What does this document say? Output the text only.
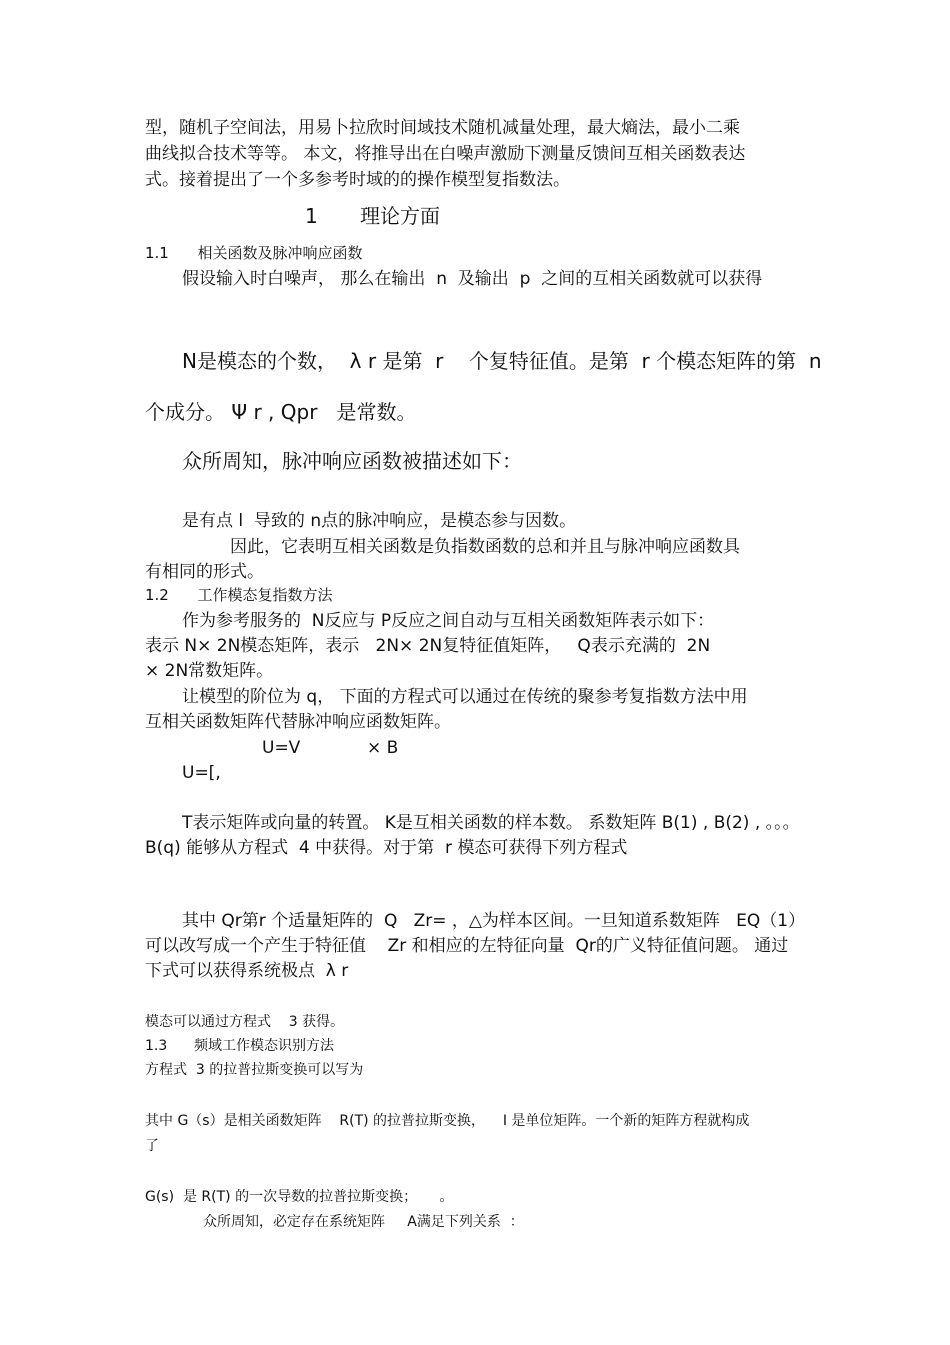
型，随机子空间法，用易卜拉欣时间域技术随机减量处理，最大熵法，最小二乘
曲线拟合技术等等。 本文，将推导出在白噪声激励下测量反馈间互相关函数表达
式。接着提出了一个多参考时域的的操作模型复指数法。
1 理论方面
1.1      相关函数及脉冲响应函数
假设输入时白噪声， 那么在输出  n  及输出  p  之间的互相关函数就可以获得
N是模态的个数，  λ r 是第  r    个复特征值。是第  r 个模态矩阵的第  n
个成分。 Ψ r , Qpr   是常数。
众所周知，脉冲响应函数被描述如下：
是有点 l  导致的 n点的脉冲响应，是模态参与因数。
因此，它表明互相关函数是负指数函数的总和并且与脉冲响应函数具
有相同的形式。
1.2      工作模态复指数方法
作为参考服务的  N反应与 P反应之间自动与互相关函数矩阵表示如下：
表示 N× 2N模态矩阵，表示   2N× 2N复特征值矩阵，   Q表示充满的  2N
× 2N常数矩阵。
让模型的阶位为 q， 下面的方程式可以通过在传统的聚参考复指数方法中用
互相关函数矩阵代替脉冲响应函数矩阵。
U=V	× B
U=[,
T表示矩阵或向量的转置。 K是互相关函数的样本数。 系数矩阵 B(1) , B(2) , 。。。
B(q) 能够从方程式  4 中获得。对于第  r 模态可获得下列方程式
其中 Qr第r 个适量矩阵的  Q   Zr= ，△为样本区间。一旦知道系数矩阵   EQ（1）
可以改写成一个产生于特征值    Zr 和相应的左特征向量  Qr的广义特征值问题。 通过
下式可以获得系统极点  λ r
模态可以通过方程式    3 获得。
1.3      频域工作模态识别方法
方程式  3 的拉普拉斯变换可以写为
其中 G（s）是相关函数矩阵    R(T) 的拉普拉斯变换，    I 是单位矩阵。一个新的矩阵方程就构成
了
G(s)  是 R(T) 的一次导数的拉普拉斯变换；     。
众所周知，必定存在系统矩阵     A满足下列关系  ：
